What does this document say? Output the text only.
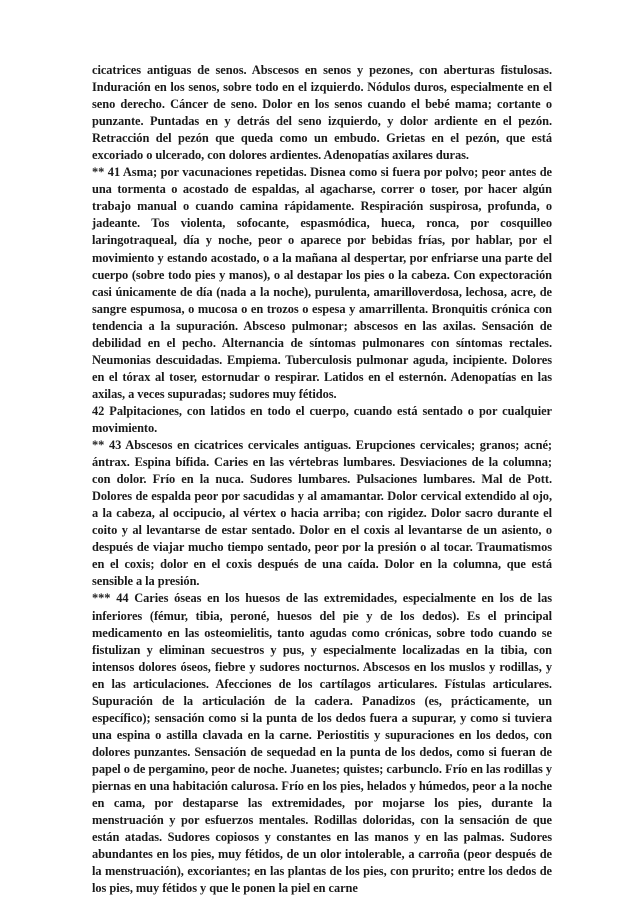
cicatrices antiguas de senos. Abscesos en senos y pezones, con aberturas fistulosas. Induración en los senos, sobre todo en el izquierdo. Nódulos duros, especialmente en el seno derecho. Cáncer de seno. Dolor en los senos cuando el bebé mama; cortante o punzante. Puntadas en y detrás del seno izquierdo, y dolor ardiente en el pezón. Retracción del pezón que queda como un embudo. Grietas en el pezón, que está excoriado o ulcerado, con dolores ardientes. Adenopatías axilares duras.

** 41 Asma; por vacunaciones repetidas. Disnea como si fuera por polvo; peor antes de una tormenta o acostado de espaldas, al agacharse, correr o toser, por hacer algún trabajo manual o cuando camina rápidamente. Respiración suspirosa, profunda, o jadeante. Tos violenta, sofocante, espasmódica, hueca, ronca, por cosquilleo laringotraqueal, día y noche, peor o aparece por bebidas frías, por hablar, por el movimiento y estando acostado, o a la mañana al despertar, por enfriarse una parte del cuerpo (sobre todo pies y manos), o al destapar los pies o la cabeza. Con expectoración casi únicamente de día (nada a la noche), purulenta, amarilloverdosa, lechosa, acre, de sangre espumosa, o mucosa o en trozos o espesa y amarrillenta. Bronquitis crónica con tendencia a la supuración. Absceso pulmonar; abscesos en las axilas. Sensación de debilidad en el pecho. Alternancia de síntomas pulmonares con síntomas rectales. Neumonias descuidadas. Empiema. Tuberculosis pulmonar aguda, incipiente. Dolores en el tórax al toser, estornudar o respirar. Latidos en el esternón. Adenopatías en las axilas, a veces supuradas; sudores muy fétidos.

42 Palpitaciones, con latidos en todo el cuerpo, cuando está sentado o por cualquier movimiento.

** 43 Abscesos en cicatrices cervicales antiguas. Erupciones cervicales; granos; acné; ántrax. Espina bífida. Caries en las vértebras lumbares. Desviaciones de la columna; con dolor. Frío en la nuca. Sudores lumbares. Pulsaciones lumbares. Mal de Pott. Dolores de espalda peor por sacudidas y al amamantar. Dolor cervical extendido al ojo, a la cabeza, al occipucio, al vértex o hacia arriba; con rigidez. Dolor sacro durante el coito y al levantarse de estar sentado. Dolor en el coxis al levantarse de un asiento, o después de viajar mucho tiempo sentado, peor por la presión o al tocar. Traumatismos en el coxis; dolor en el coxis después de una caída. Dolor en la columna, que está sensible a la presión.

*** 44 Caries óseas en los huesos de las extremidades, especialmente en los de las inferiores (fémur, tibia, peroné, huesos del pie y de los dedos). Es el principal medicamento en las osteomielitis, tanto agudas como crónicas, sobre todo cuando se fistulizan y eliminan secuestros y pus, y especialmente localizadas en la tibia, con intensos dolores óseos, fiebre y sudores nocturnos. Abscesos en los muslos y rodillas, y en las articulaciones. Afecciones de los cartílagos articulares. Fístulas articulares. Supuración de la articulación de la cadera. Panadizos (es, prácticamente, un específico); sensación como si la punta de los dedos fuera a supurar, y como si tuviera una espina o astilla clavada en la carne. Periostitis y supuraciones en los dedos, con dolores punzantes. Sensación de sequedad en la punta de los dedos, como si fueran de papel o de pergamino, peor de noche. Juanetes; quistes; carbunclo. Frío en las rodillas y piernas en una habitación calurosa. Frío en los pies, helados y húmedos, peor a la noche en cama, por destaparse las extremidades, por mojarse los pies, durante la menstruación y por esfuerzos mentales. Rodillas doloridas, con la sensación de que están atadas. Sudores copiosos y constantes en las manos y en las palmas. Sudores abundantes en los pies, muy fétidos, de un olor intolerable, a carroña (peor después de la menstruación), excoriantes; en las plantas de los pies, con prurito; entre los dedos de los pies, muy fétidos y que le ponen la piel en carne
